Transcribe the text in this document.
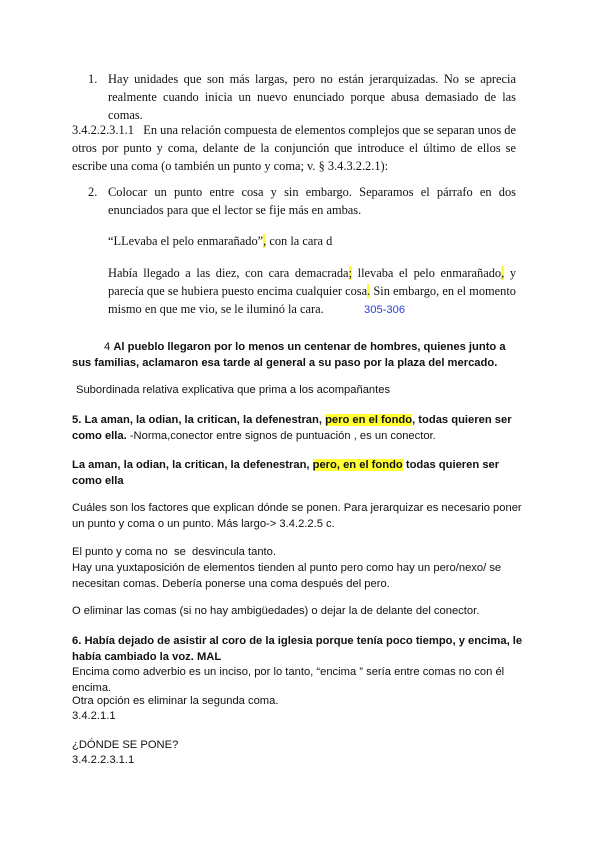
1. Hay unidades que son más largas, pero no están jerarquizadas. No se aprecia realmente cuando inicia un nuevo enunciado porque abusa demasiado de las comas.
3.4.2.2.3.1.1   En una relación compuesta de elementos complejos que se separan unos de otros por punto y coma, delante de la conjunción que introduce el último de ellos se escribe una coma (o también un punto y coma; v. § 3.4.3.2.2.1):
2. Colocar un punto entre cosa y sin embargo. Separamos el párrafo en dos enunciados para que el lector se fije más en ambas.
“LLevaba el pelo enmarañado”, con la cara d
Había llegado a las diez, con cara demacrada; llevaba el pelo enmarañado, y parecía que se hubiera puesto encima cualquier cosa. Sin embargo, en el momento mismo en que me vio, se le iluminó la cara.	305-306
4 Al pueblo llegaron por lo menos un centenar de hombres, quienes junto a sus familias, aclamaron esa tarde al general a su paso por la plaza del mercado.
Subordinada relativa explicativa que prima a los acompañantes
5. La aman, la odian, la critican, la defenestran, pero en el fondo, todas quieren ser como ella. -Norma,conector entre signos de puntuación , es un conector.
La aman, la odian, la critican, la defenestran, pero, en el fondo todas quieren ser como ella
Cuáles son los factores que explican dónde se ponen. Para jerarquizar es necesario poner un punto y coma o un punto. Más largo-> 3.4.2.2.5 c.
El punto y coma no  se  desvincula tanto.
Hay una yuxtaposición de elementos tienden al punto pero como hay un pero/nexo/ se necesitan comas. Debería ponerse una coma después del pero.
O eliminar las comas (si no hay ambigüedades) o dejar la de delante del conector.
6. Había dejado de asistir al coro de la iglesia porque tenía poco tiempo, y encima, le había cambiado la voz. MAL
Encima como adverbio es un inciso, por lo tanto, “encima ” sería entre comas no con él encima.
Otra opción es eliminar la segunda coma.
3.4.2.1.1
¿DÓNDE SE PONE?
3.4.2.2.3.1.1
